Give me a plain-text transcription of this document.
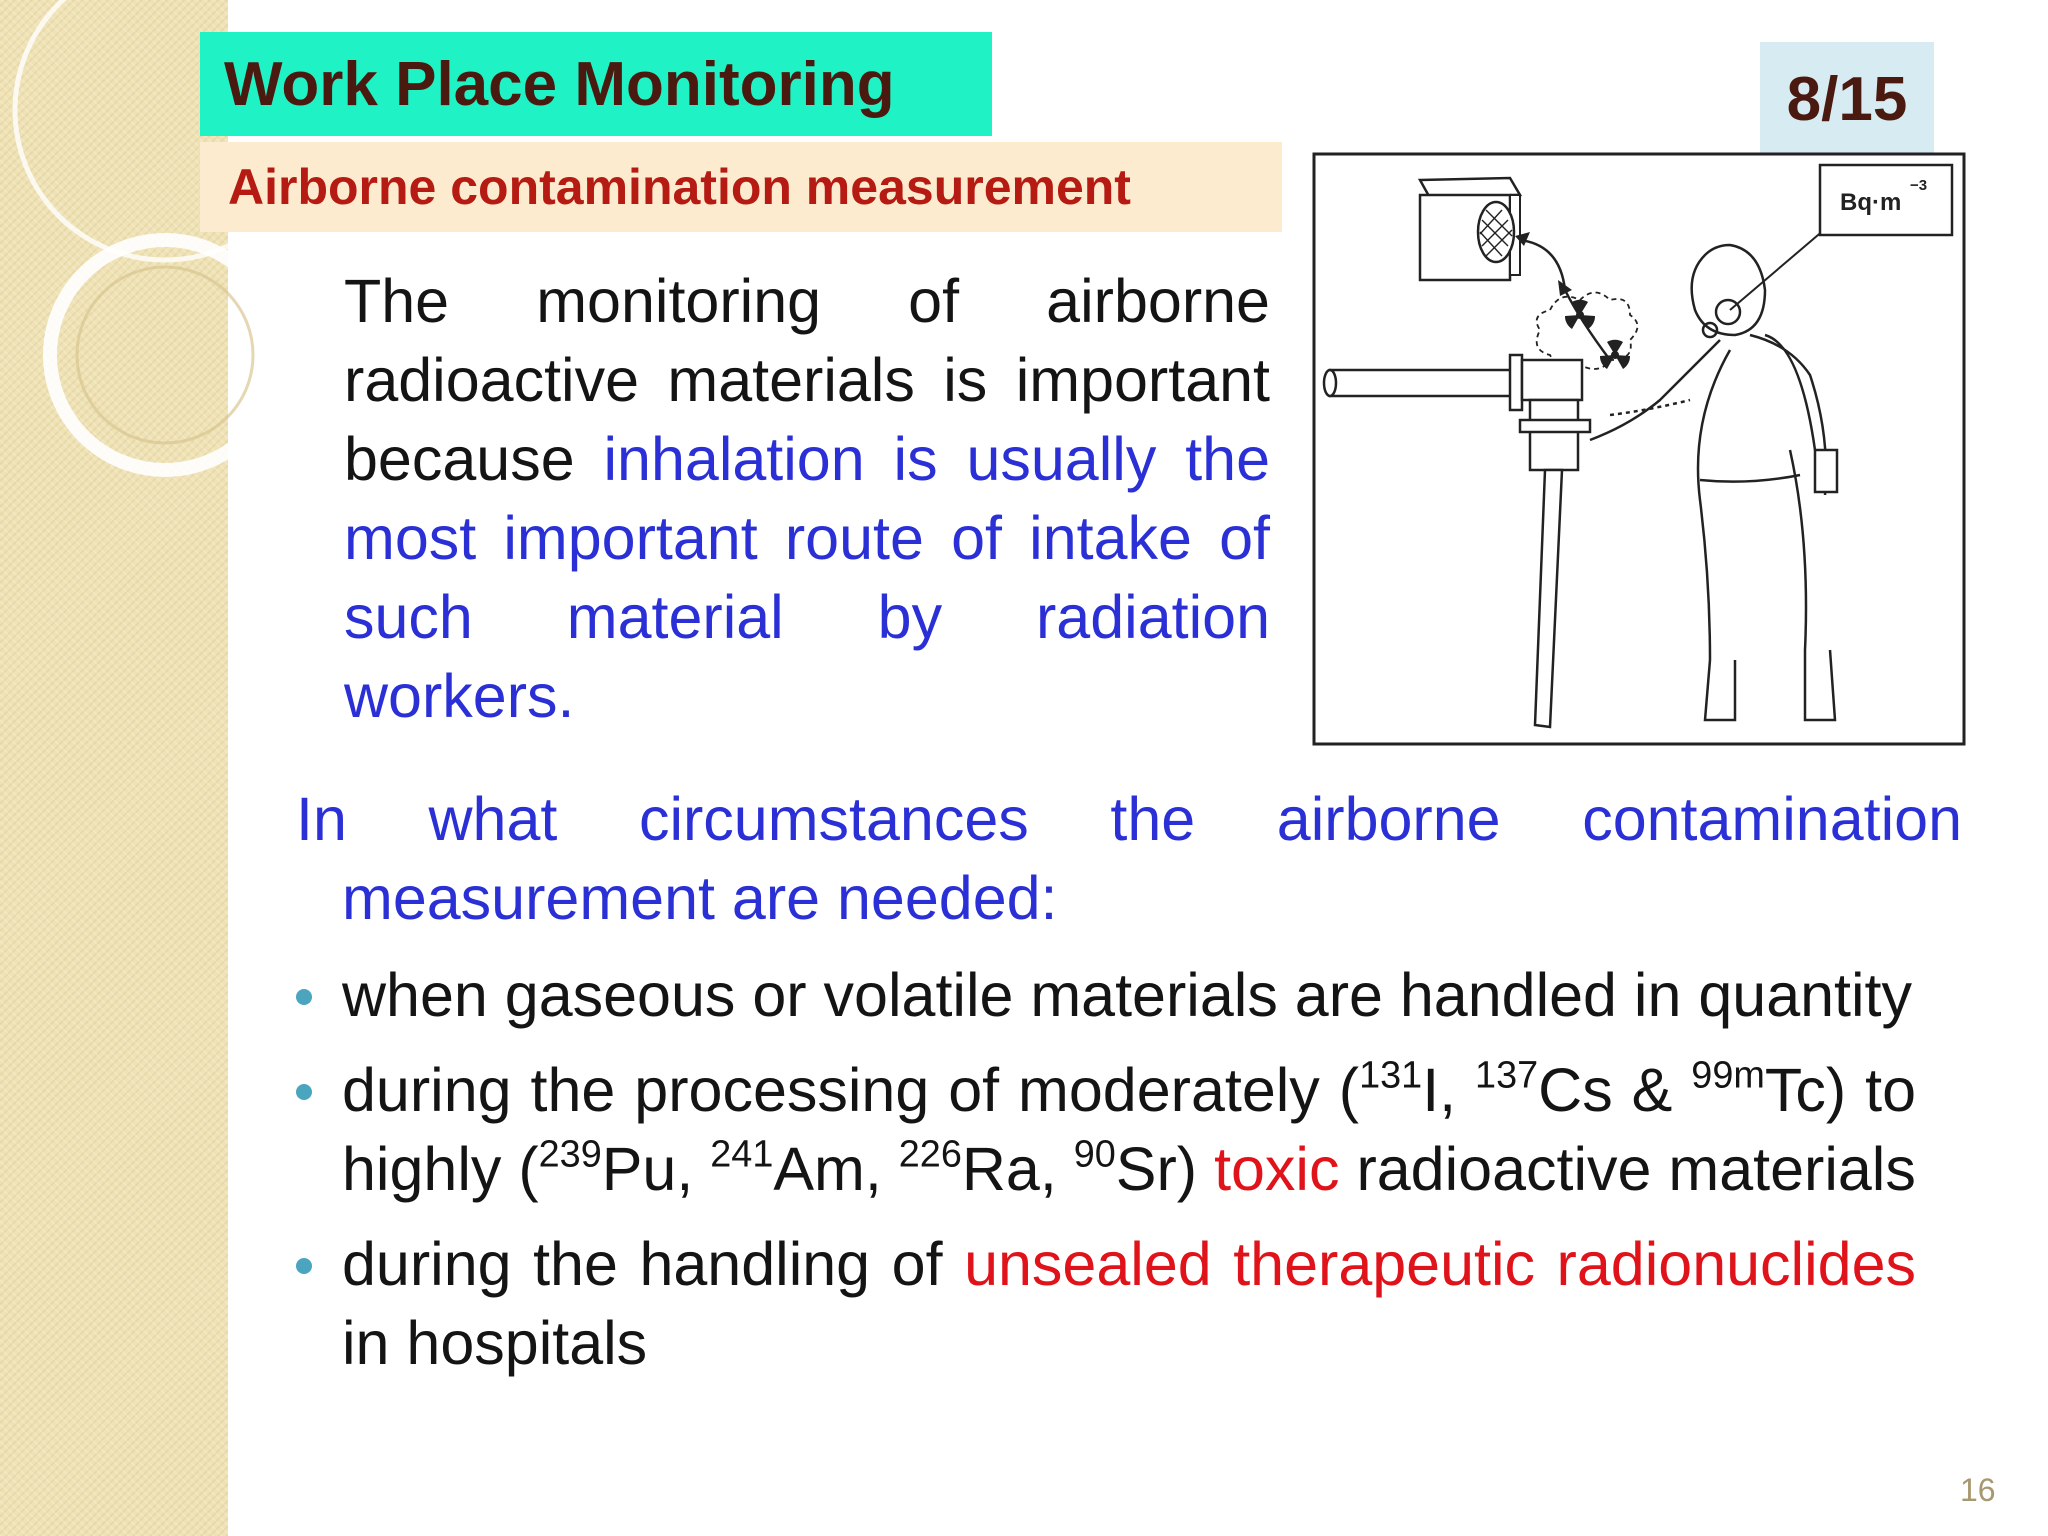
Work Place Monitoring	8/15
Airborne contamination measurement
The monitoring of airborne radioactive materials is important because inhalation is usually the most important route of intake of such material by radiation workers.
Bq·m
−3
In what circumstances the airborne contamination measurement are needed:
when gaseous or volatile materials are handled in quantity
during the processing of moderately ($^{131}$I, $^{137}$Cs & $^{99m}$Tc) to highly ($^{239}$Pu, $^{241}$Am, $^{226}$Ra, $^{90}$Sr) toxic radioactive materials
during the handling of unsealed therapeutic radionuclides in hospitals
16
